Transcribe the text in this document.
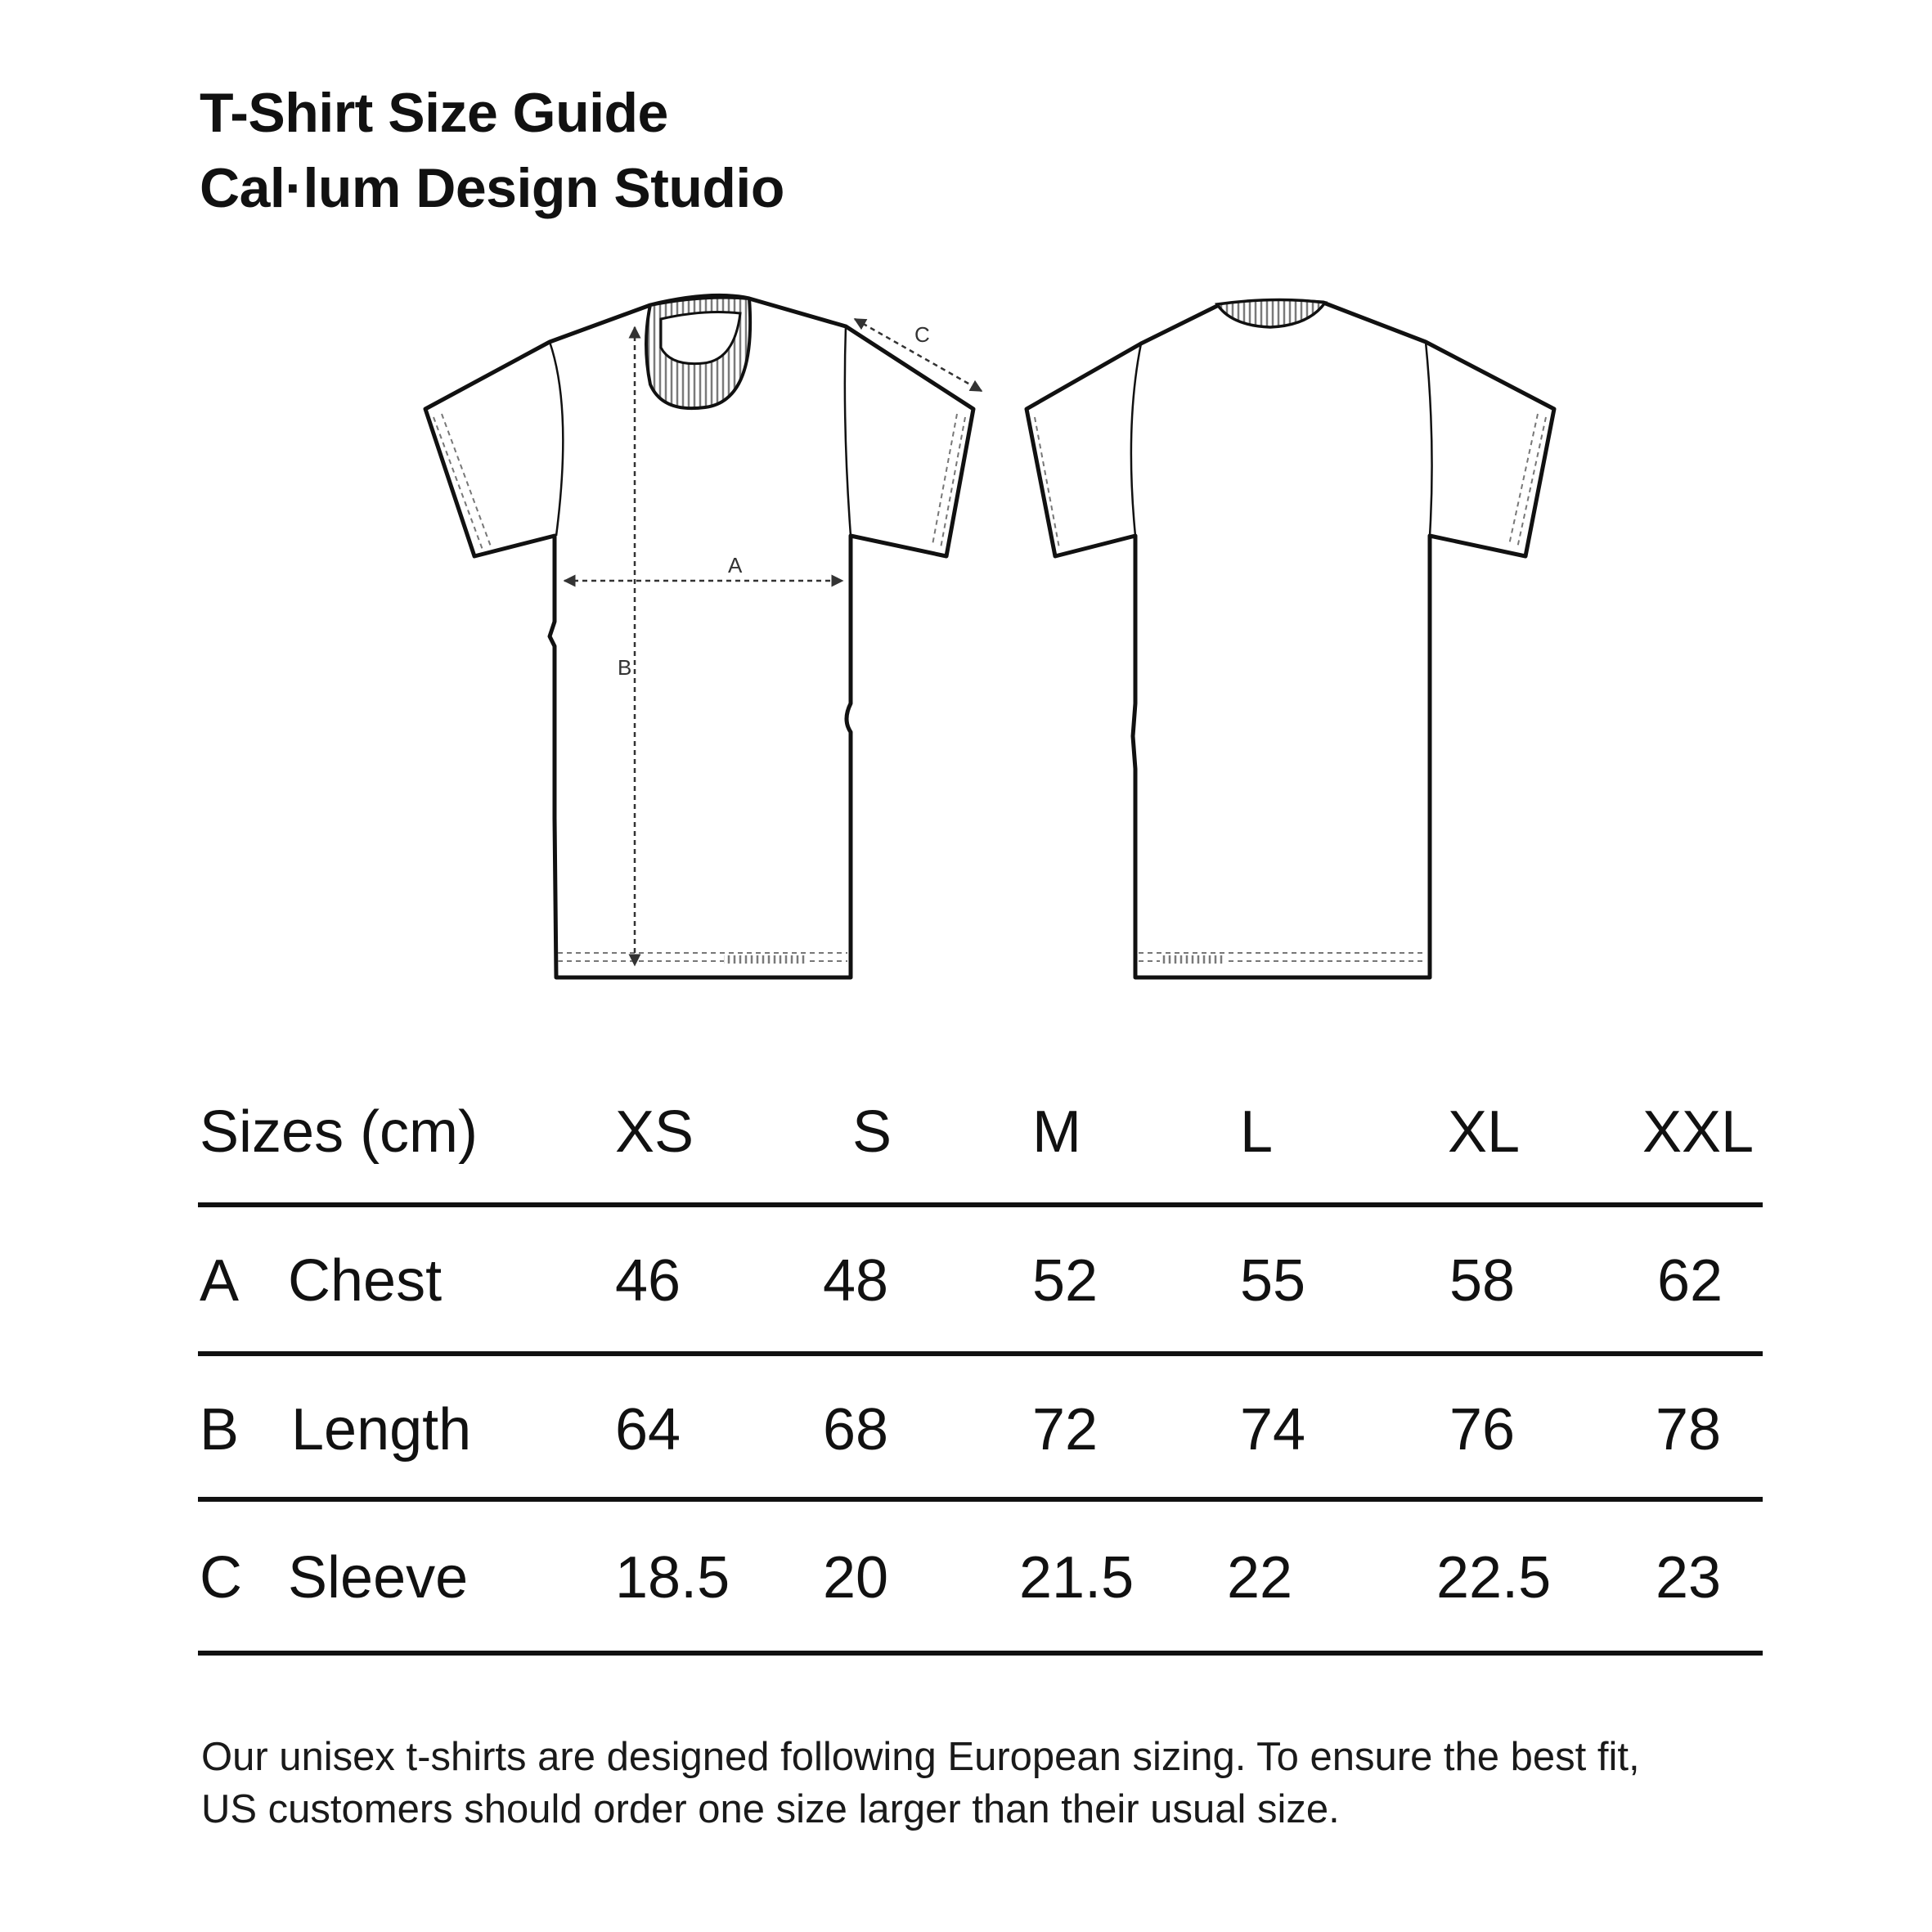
T-Shirt Size Guide
Cal·lum Design Studio
A
B
C
Sizes (cm) XS	S M	L	XL XXL
A Chest	46 48 52 55 58 62
B Length 64 68 72 74 76 78
C Sleeve 18.5 20 21.5 22 22.5 23
Our unisex t-shirts are designed following European sizing. To ensure the best fit,
US customers should order one size larger than their usual size.
